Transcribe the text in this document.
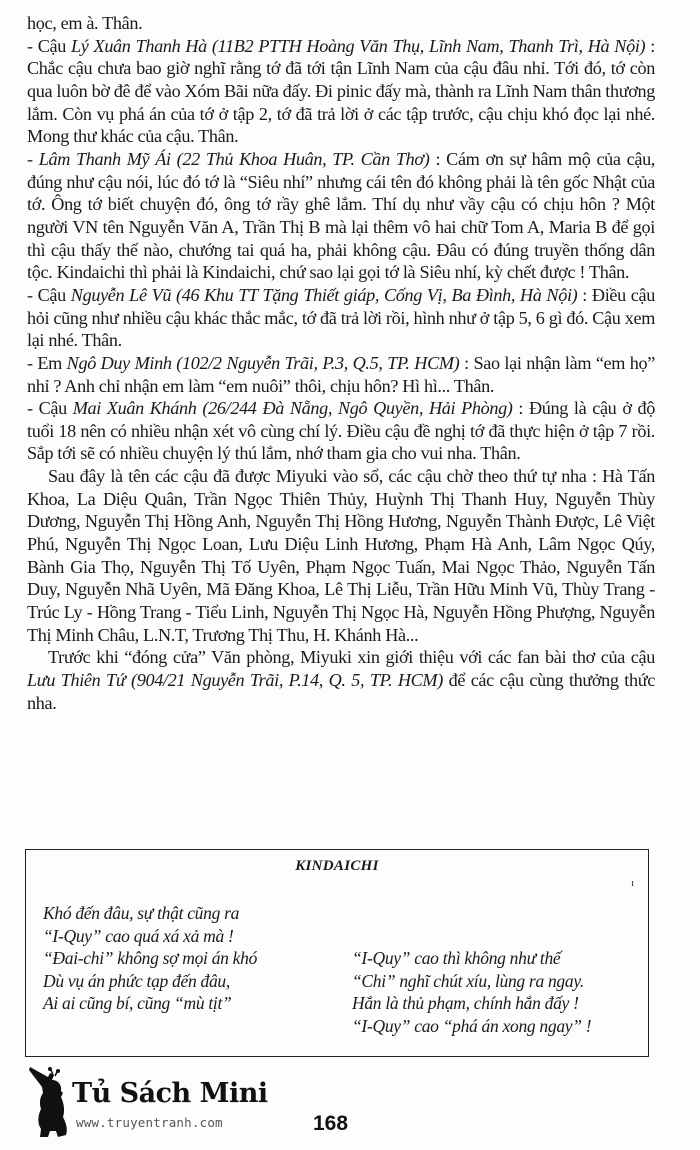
học, em à. Thân.

- Cậu Lý Xuân Thanh Hà (11B2 PTTH Hoàng Văn Thụ, Lĩnh Nam, Thanh Trì, Hà Nội) : Chắc cậu chưa bao giờ nghĩ rằng tớ đã tới tận Lĩnh Nam của cậu đâu nhỉ. Tới đó, tớ còn qua luôn bờ đê để vào Xóm Bãi nữa đấy. Đi pinic đấy mà, thành ra Lĩnh Nam thân thương lắm. Còn vụ phá án của tớ ở tập 2, tớ đã trả lời ở các tập trước, cậu chịu khó đọc lại nhé. Mong thư khác của cậu. Thân.

- Lâm Thanh Mỹ Ái (22 Thủ Khoa Huân, TP. Cần Thơ) : Cám ơn sự hâm mộ của cậu, đúng như cậu nói, lúc đó tớ là “Siêu nhí” nhưng cái tên đó không phải là tên gốc Nhật của tớ. Ông tớ biết chuyện đó, ông tớ rầy ghê lắm. Thí dụ như vầy cậu có chịu hôn ? Một người VN tên Nguyễn Văn A, Trần Thị B mà lại thêm vô hai chữ Tom A, Maria B để gọi thì cậu thấy thế nào, chướng tai quá ha, phải không cậu. Đâu có đúng truyền thống dân tộc. Kindaichi thì phải là Kindaichi, chứ sao lại gọi tớ là Siêu nhí, kỳ chết được ! Thân.

- Cậu Nguyễn Lê Vũ (46 Khu TT Tặng Thiết giáp, Cống Vị, Ba Đình, Hà Nội) : Điều cậu hỏi cũng như nhiều cậu khác thắc mắc, tớ đã trả lời rồi, hình như ở tập 5, 6 gì đó. Cậu xem lại nhé. Thân.

- Em Ngô Duy Minh (102/2 Nguyễn Trãi, P.3, Q.5, TP. HCM) : Sao lại nhận làm “em họ” nhỉ ? Anh chỉ nhận em làm “em nuôi” thôi, chịu hôn? Hì hì... Thân.

- Cậu Mai Xuân Khánh (26/244 Đà Nẵng, Ngô Quyền, Hải Phòng) : Đúng là cậu ở độ tuổi 18 nên có nhiều nhận xét vô cùng chí lý. Điều cậu đề nghị tớ đã thực hiện ở tập 7 rồi. Sắp tới sẽ có nhiều chuyện lý thú lắm, nhớ tham gia cho vui nha. Thân.

Sau đây là tên các cậu đã được Miyuki vào sổ, các cậu chờ theo thứ tự nha : Hà Tấn Khoa, La Diệu Quân, Trần Ngọc Thiên Thủy, Huỳnh Thị Thanh Huy, Nguyễn Thùy Dương, Nguyễn Thị Hồng Anh, Nguyễn Thị Hồng Hương, Nguyễn Thành Được, Lê Việt Phú, Nguyễn Thị Ngọc Loan, Lưu Diệu Linh Hương, Phạm Hà Anh, Lâm Ngọc Qúy, Bành Gia Thọ, Nguyễn Thị Tố Uyên, Phạm Ngọc Tuấn, Mai Ngọc Thảo, Nguyễn Tấn Duy, Nguyễn Nhã Uyên, Mã Đăng Khoa, Lê Thị Liễu, Trần Hữu Minh Vũ, Thùy Trang - Trúc Ly - Hồng Trang - Tiểu Linh, Nguyễn Thị Ngọc Hà, Nguyễn Hồng Phượng, Nguyễn Thị Minh Châu, L.N.T, Trương Thị Thu, H. Khánh Hà...

Trước khi “đóng cửa” Văn phòng, Miyuki xin giới thiệu với các fan bài thơ của cậu Lưu Thiên Tứ (904/21 Nguyễn Trãi, P.14, Q. 5, TP. HCM) để các cậu cùng thưởng thức nha.

KINDAICHI
ı
Khó đến đâu, sự thật cũng ra
“I-Quy” cao quá xá xả mà !
“Đai-chi” không sợ mọi án khó
Dù vụ án phức tạp đến đâu,
Ai ai cũng bí, cũng “mù tịt”
“I-Quy” cao thì không như thế
“Chi” nghĩ chút xíu, lùng ra ngay.
Hắn là thủ phạm, chính hắn đấy !
“I-Quy” cao “phá án xong ngay” !
Tủ Sách Mini
www.truyentranh.com	168
